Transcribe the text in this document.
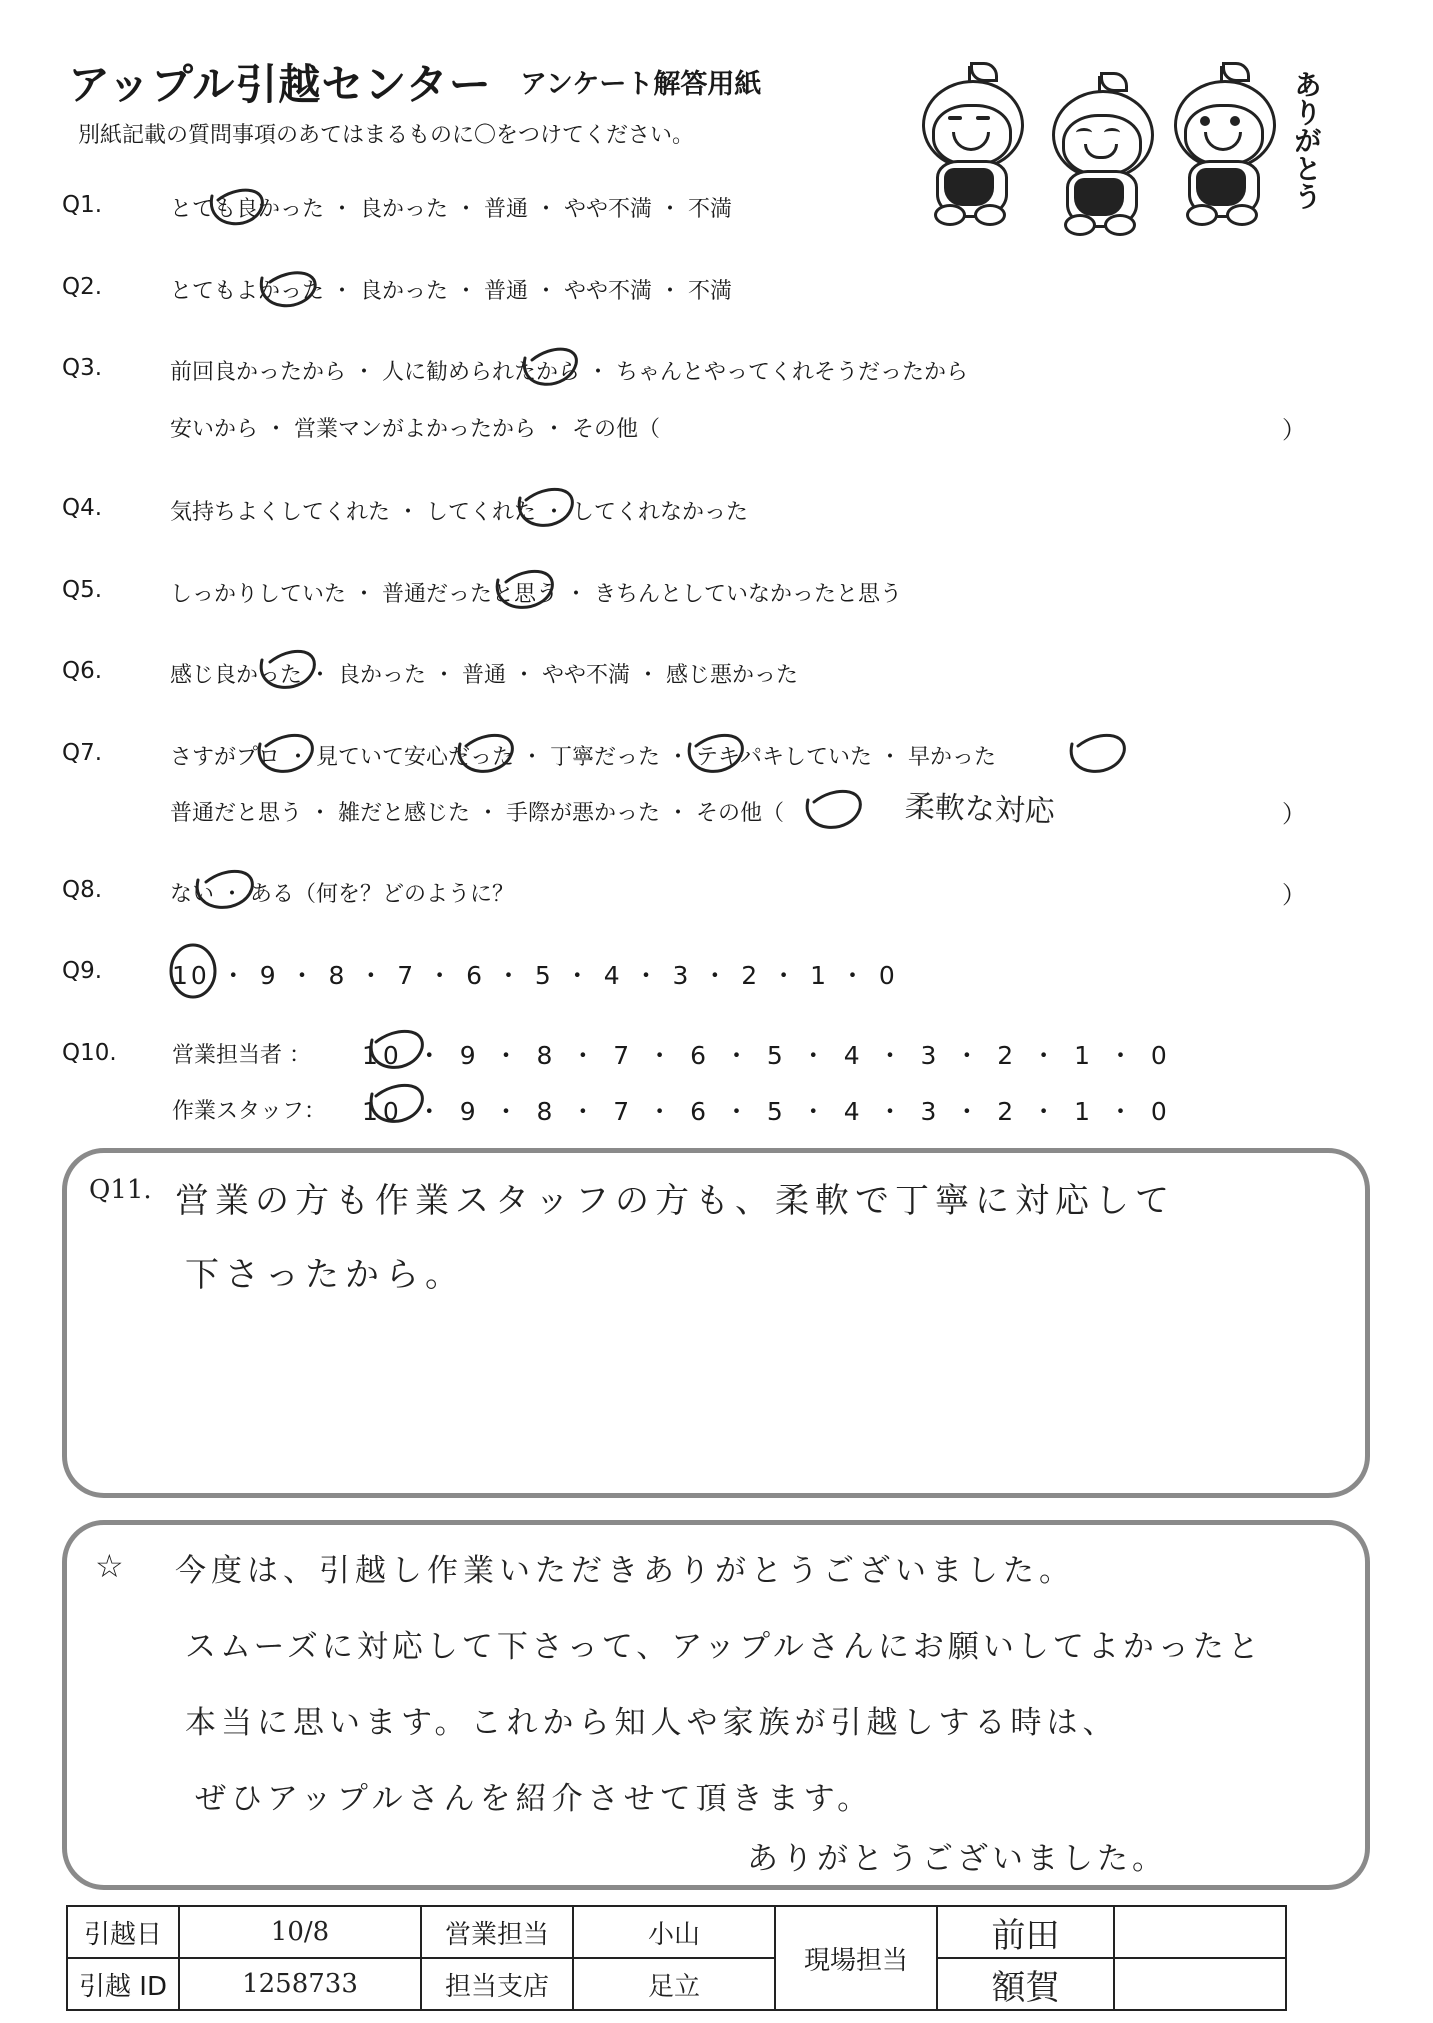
アップル引越センター アンケート解答用紙
別紙記載の質問事項のあてはまるものに〇をつけてください。	ありがとう
Q1.	とても良かった ・ 良かった ・ 普通 ・ やや不満 ・ 不満
Q2.	とてもよかった ・ 良かった ・ 普通 ・ やや不満 ・ 不満
Q3.	前回良かったから ・ 人に勧められたから ・ ちゃんとやってくれそうだったから
安いから ・ 営業マンがよかったから ・ その他（	）
Q4.	気持ちよくしてくれた ・ してくれた ・ してくれなかった
Q5.	しっかりしていた ・ 普通だったと思う ・ きちんとしていなかったと思う
Q6.	感じ良かった ・ 良かった ・ 普通 ・ やや不満 ・ 感じ悪かった
Q7.	さすがプロ ・ 見ていて安心だった ・ 丁寧だった ・ テキパキしていた ・ 早かった
普通だと思う ・ 雑だと感じた ・ 手際が悪かった ・ その他（	柔軟な対応	）
Q8.	ない ・ ある（何を？どのように？	）
Q9.	10 ・ 9 ・ 8 ・ 7 ・ 6 ・ 5 ・ 4 ・ 3 ・ 2 ・ 1 ・ 0
Q10.	営業担当者 ： 10 ・ 9 ・ 8 ・ 7 ・ 6 ・ 5 ・ 4 ・ 3 ・ 2 ・ 1 ・ 0
作業スタッフ： 10 ・ 9 ・ 8 ・ 7 ・ 6 ・ 5 ・ 4 ・ 3 ・ 2 ・ 1 ・ 0
Q11. 営業の方も作業スタッフの方も、柔軟で丁寧に対応して
下さったから。
☆ 今度は、引越し作業いただきありがとうございました。
スムーズに対応して下さって、アップルさんにお願いしてよかったと
本当に思います。これから知人や家族が引越しする時は、
ぜひアップルさんを紹介させて頂きます。
ありがとうございました。
引越日	10/8	営業担当	小山	現場担当	前田	
引越 ID	1258733	担当支店	足立		額賀	
